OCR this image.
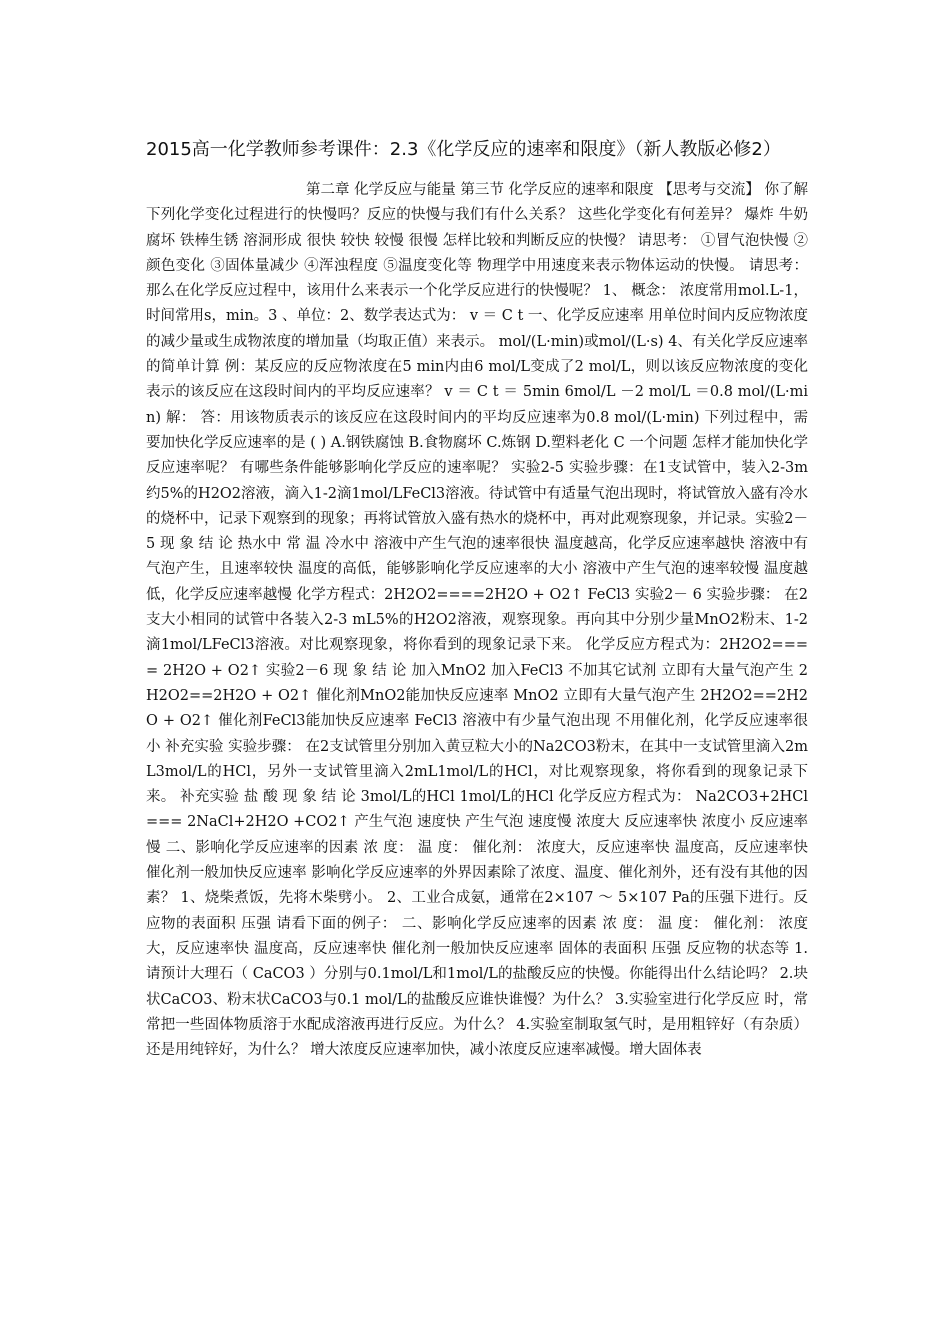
2015高一化学教师参考课件：2.3《化学反应的速率和限度》（新人教版必修2）

第二章 化学反应与能量 第三节 化学反应的速率和限度 【思考与交流】 你了解下列化学变化过程进行的快慢吗？反应的快慢与我们有什么关系？ 这些化学变化有何差异？ 爆炸 牛奶腐坏 铁棒生锈 溶洞形成 很快 较快 较慢 很慢 怎样比较和判断反应的快慢？ 请思考： ①冒气泡快慢 ②颜色变化 ③固体量减少 ④浑浊程度 ⑤温度变化等 物理学中用速度来表示物体运动的快慢。 请思考： 那么在化学反应过程中，该用什么来表示一个化学反应进行的快慢呢？ 1、 概念： 浓度常用mol.L-1，时间常用s，min。3 、单位：2、数学表达式为： v ＝ C t 一、化学反应速率 用单位时间内反应物浓度的减少量或生成物浓度的增加量（均取正值）来表示。 mol/(L·min)或mol/(L·s) 4、有关化学反应速率的简单计算 例：某反应的反应物浓度在5 min内由6 mol/L变成了2 mol/L，则以该反应物浓度的变化表示的该反应在这段时间内的平均反应速率？ v ＝ C t ＝ 5min 6mol/L －2 mol/L ＝0.8 mol/(L·min) 解： 答：用该物质表示的该反应在这段时间内的平均反应速率为0.8 mol/(L·min) 下列过程中，需要加快化学反应速率的是 ( ) A.钢铁腐蚀 B.食物腐坏 C.炼钢 D.塑料老化 C 一个问题 怎样才能加快化学反应速率呢？ 有哪些条件能够影响化学反应的速率呢？ 实验2-5 实验步骤：在1支试管中，装入2-3m约5%的H2O2溶液，滴入1-2滴1mol/LFeCl3溶液。待试管中有适量气泡出现时，将试管放入盛有冷水的烧杯中，记录下观察到的现象；再将试管放入盛有热水的烧杯中，再对此观察现象，并记录。实验2－5 现 象 结 论 热水中 常 温 冷水中 溶液中产生气泡的速率很快 温度越高，化学反应速率越快 溶液中有气泡产生，且速率较快 温度的高低，能够影响化学反应速率的大小 溶液中产生气泡的速率较慢 温度越低，化学反应速率越慢 化学方程式：2H2O2====2H2O + O2↑ FeCl3 实验2－ 6 实验步骤： 在2支大小相同的试管中各装入2-3 mL5%的H2O2溶液，观察现象。再向其中分别少量MnO2粉末、1-2滴1mol/LFeCl3溶液。对比观察现象，将你看到的现象记录下来。 化学反应方程式为：2H2O2==== 2H2O + O2↑ 实验2－6 现 象 结 论 加入MnO2 加入FeCl3 不加其它试剂 立即有大量气泡产生 2H2O2==2H2O + O2↑ 催化剂MnO2能加快反应速率 MnO2 立即有大量气泡产生 2H2O2==2H2O + O2↑ 催化剂FeCl3能加快反应速率 FeCl3 溶液中有少量气泡出现 不用催化剂，化学反应速率很小 补充实验 实验步骤： 在2支试管里分别加入黄豆粒大小的Na2CO3粉末，在其中一支试管里滴入2mL3mol/L的HCl，另外一支试管里滴入2mL1mol/L的HCl，对比观察现象，将你看到的现象记录下来。 补充实验 盐 酸 现 象 结 论 3mol/L的HCl 1mol/L的HCl 化学反应方程式为： Na2CO3+2HCl=== 2NaCl+2H2O +CO2↑ 产生气泡 速度快 产生气泡 速度慢 浓度大 反应速率快 浓度小 反应速率慢 二、影响化学反应速率的因素 浓 度： 温 度： 催化剂： 浓度大，反应速率快 温度高，反应速率快 催化剂一般加快反应速率 影响化学反应速率的外界因素除了浓度、温度、催化剂外，还有没有其他的因素？ 1、烧柴煮饭，先将木柴劈小。 2、工业合成氨，通常在2×107 ～ 5×107 Pa的压强下进行。反应物的表面积 压强 请看下面的例子： 二、影响化学反应速率的因素 浓 度： 温 度： 催化剂： 浓度大，反应速率快 温度高，反应速率快 催化剂一般加快反应速率 固体的表面积 压强 反应物的状态等 1.请预计大理石（ CaCO3 ）分别与0.1mol/L和1mol/L的盐酸反应的快慢。你能得出什么结论吗？ 2.块状CaCO3、粉末状CaCO3与0.1 mol/L的盐酸反应谁快谁慢？为什么？ 3.实验室进行化学反应 时，常常把一些固体物质溶于水配成溶液再进行反应。为什么？ 4.实验室制取氢气时，是用粗锌好（有杂质）还是用纯锌好，为什么？ 增大浓度反应速率加快，减小浓度反应速率减慢。增大固体表
